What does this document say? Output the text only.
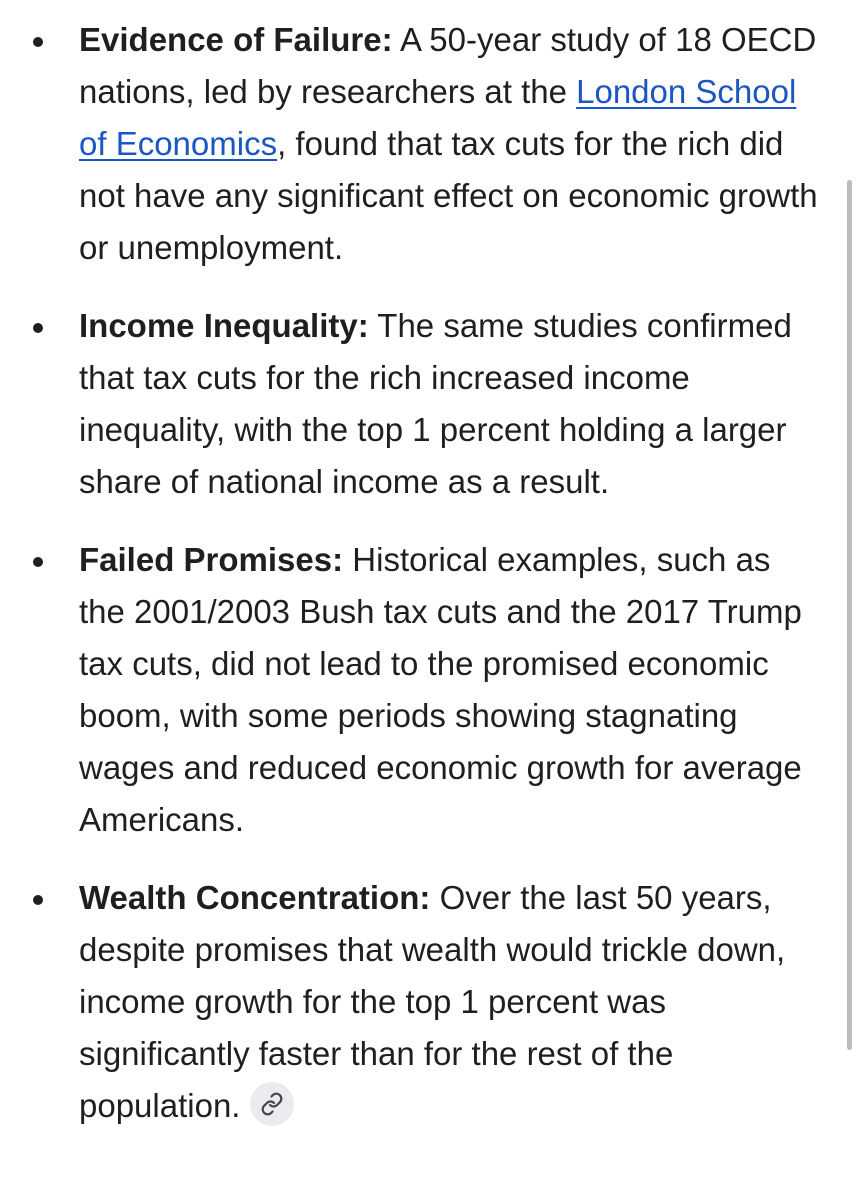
Evidence of Failure: A 50-year study of 18 OECD nations, led by researchers at the London School of Economics, found that tax cuts for the rich did not have any significant effect on economic growth or unemployment.
Income Inequality: The same studies confirmed that tax cuts for the rich increased income inequality, with the top 1 percent holding a larger share of national income as a result.
Failed Promises: Historical examples, such as the 2001/2003 Bush tax cuts and the 2017 Trump tax cuts, did not lead to the promised economic boom, with some periods showing stagnating wages and reduced economic growth for average Americans.
Wealth Concentration: Over the last 50 years, despite promises that wealth would trickle down, income growth for the top 1 percent was significantly faster than for the rest of the population.
